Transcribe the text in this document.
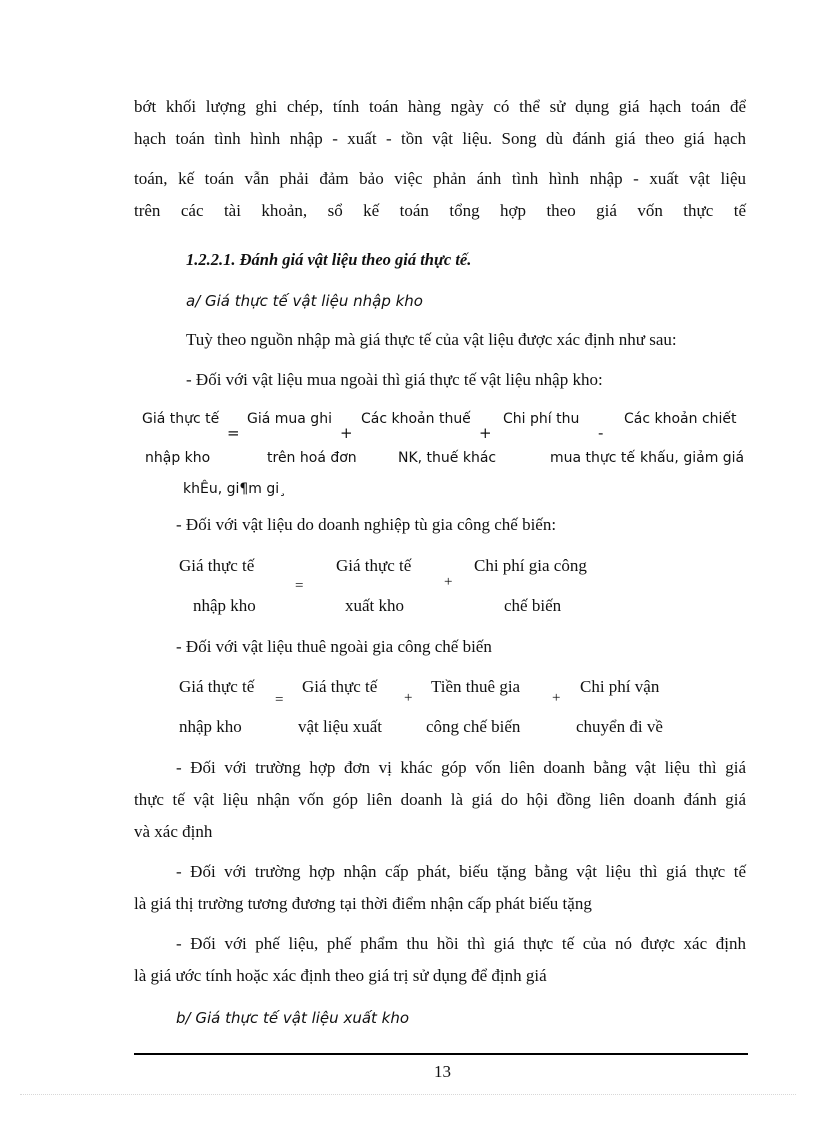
bớt khối lượng ghi chép, tính toán hàng ngày có thể sử dụng giá hạch toán để
hạch toán tình hình nhập - xuất - tồn vật liệu. Song dù đánh giá theo giá hạch
toán, kế toán vẫn phải đảm bảo việc phản ánh tình hình nhập - xuất vật liệu
trên các tài khoản, sổ kế toán tổng hợp theo giá vốn thực tế
1.2.2.1. Đánh giá vật liệu theo giá thực tế.
a/ Giá thực tế vật liệu nhập kho
Tuỳ theo nguồn nhập mà giá thực tế của vật liệu được xác định như sau:
- Đối với vật liệu mua ngoài thì giá thực tế vật liệu nhập kho:
Giá thực tế
nhập kho
=
Giá mua ghi
trên hoá đơn
+
Các khoản thuế
NK, thuế khác
+
Chi phí thu
mua thực tế
-
Các khoản chiết
khấu, giảm giá
khÊu, gi¶m gi¸
- Đối với vật liệu do doanh nghiệp tù gia công chế biến:
Giá thực tế
nhập kho
=
Giá thực tế
xuất kho
+
Chi phí gia công
chế biến
- Đối với vật liệu thuê ngoài gia công chế biến
Giá thực tế
nhập kho
=
Giá thực tế
vật liệu xuất
+
Tiền thuê gia
công chế biến
+
Chi phí vận
chuyển đi về
- Đối với trường hợp đơn vị khác góp vốn liên doanh bằng vật liệu thì giá
thực tế vật liệu nhận vốn góp liên doanh là giá do hội đồng liên doanh đánh giá
và xác định
- Đối với trường hợp nhận cấp phát, biếu tặng bằng vật liệu thì giá thực tế
là giá thị trường tương đương tại thời điểm nhận cấp phát biếu tặng
- Đối với phế liệu, phế phẩm thu hồi thì giá thực tế của nó được xác định
là giá ước tính hoặc xác định theo giá trị sử dụng để định giá
b/ Giá thực tế vật liệu xuất kho
13
